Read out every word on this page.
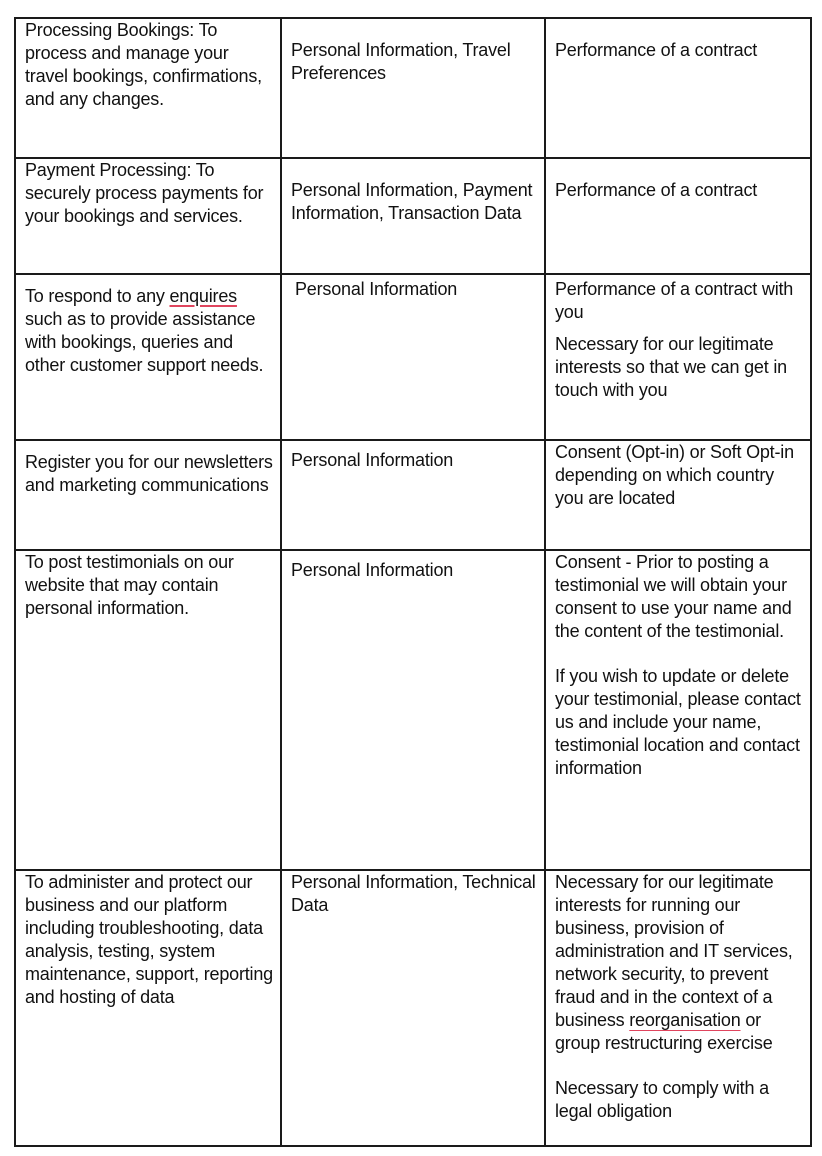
Processing Bookings: To process and manage your travel bookings, confirmations, and any changes.	Personal Information, Travel Preferences	Performance of a contract

Payment Processing: To securely process payments for your bookings and services.	Personal Information, Payment Information, Transaction Data	Performance of a contract

To respond to any enquires such as to provide assistance with bookings, queries and other customer support needs.	Personal Information	Performance of a contract with you
Necessary for our legitimate interests so that we can get in touch with you

Register you for our newsletters and marketing communications	Personal Information	Consent (Opt-in) or Soft Opt-in depending on which country you are located

To post testimonials on our website that may contain personal information.	Personal Information	Consent - Prior to posting a testimonial we will obtain your consent to use your name and the content of the testimonial.
If you wish to update or delete your testimonial, please contact us and include your name, testimonial location and contact information

To administer and protect our business and our platform including troubleshooting, data analysis, testing, system maintenance, support, reporting and hosting of data	Personal Information, Technical Data	Necessary for our legitimate interests for running our business, provision of administration and IT services, network security, to prevent fraud and in the context of a business reorganisation or group restructuring exercise
Necessary to comply with a legal obligation
